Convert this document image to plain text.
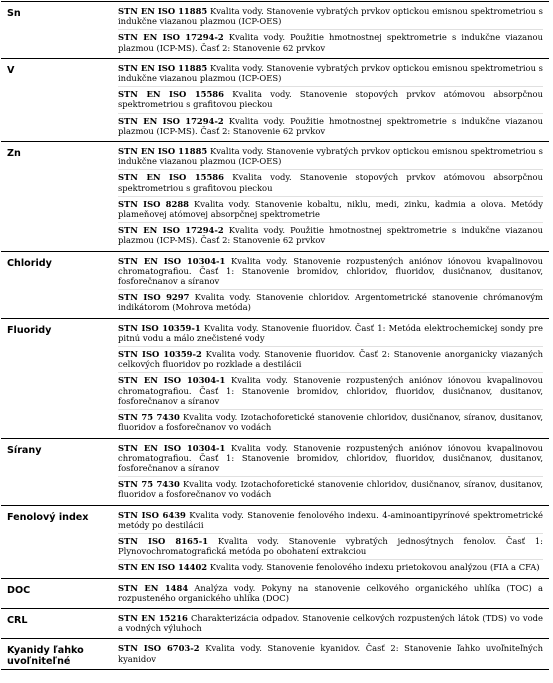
Sn	STN EN ISO 11885 Kvalita vody. Stanovenie vybratých prvkov optickou emisnou spektrometriou s indukčne viazanou plazmou (ICP-OES)
STN EN ISO 17294-2 Kvalita vody. Použitie hmotnostnej spektrometrie s indukčne viazanou plazmou (ICP-MS). Časť 2: Stanovenie 62 prvkov

V	STN EN ISO 11885 Kvalita vody. Stanovenie vybratých prvkov optickou emisnou spektrometriou s indukčne viazanou plazmou (ICP-OES)
STN EN ISO 15586 Kvalita vody. Stanovenie stopových prvkov atómovou absorpčnou spektrometriou s grafitovou pieckou
STN EN ISO 17294-2 Kvalita vody. Použitie hmotnostnej spektrometrie s indukčne viazanou plazmou (ICP-MS). Časť 2: Stanovenie 62 prvkov

Zn	STN EN ISO 11885 Kvalita vody. Stanovenie vybratých prvkov optickou emisnou spektrometriou s indukčne viazanou plazmou (ICP-OES)
STN EN ISO 15586 Kvalita vody. Stanovenie stopových prvkov atómovou absorpčnou spektrometriou s grafitovou pieckou
STN ISO 8288 Kvalita vody. Stanovenie kobaltu, niklu, medi, zinku, kadmia a olova. Metódy plameňovej atómovej absorpčnej spektrometrie
STN EN ISO 17294-2 Kvalita vody. Použitie hmotnostnej spektrometrie s indukčne viazanou plazmou (ICP-MS). Časť 2: Stanovenie 62 prvkov

Chloridy	STN EN ISO 10304-1 Kvalita vody. Stanovenie rozpustených aniónov iónovou kvapalinovou chromatografiou. Časť 1: Stanovenie bromidov, chloridov, fluoridov, dusičnanov, dusitanov, fosforečnanov a síranov
STN ISO 9297 Kvalita vody. Stanovenie chloridov. Argentometrické stanovenie chrómanovým indikátorom (Mohrova metóda)

Fluoridy	STN ISO 10359-1 Kvalita vody. Stanovenie fluoridov. Časť 1: Metóda elektrochemickej sondy pre pitnú vodu a málo znečistené vody
STN ISO 10359-2 Kvalita vody. Stanovenie fluoridov. Časť 2: Stanovenie anorganicky viazaných celkových fluoridov po rozklade a destilácii
STN EN ISO 10304-1 Kvalita vody. Stanovenie rozpustených aniónov iónovou kvapalinovou chromatografiou. Časť 1: Stanovenie bromidov, chloridov, fluoridov, dusičnanov, dusitanov, fosforečnanov a síranov
STN 75 7430 Kvalita vody. Izotachoforetické stanovenie chloridov, dusičnanov, síranov, dusitanov, fluoridov a fosforečnanov vo vodách

Sírany	STN EN ISO 10304-1 Kvalita vody. Stanovenie rozpustených aniónov iónovou kvapalinovou chromatografiou. Časť 1: Stanovenie bromidov, chloridov, fluoridov, dusičnanov, dusitanov, fosforečnanov a síranov
STN 75 7430 Kvalita vody. Izotachoforetické stanovenie chloridov, dusičnanov, síranov, dusitanov, fluoridov a fosforečnanov vo vodách

Fenolový index	STN ISO 6439 Kvalita vody. Stanovenie fenolového indexu. 4-aminoantipyrínové spektrometrické metódy po destilácii
STN ISO 8165-1 Kvalita vody. Stanovenie vybratých jednosýtnych fenolov. Časť 1: Plynovochromatografická metóda po obohatení extrakciou
STN EN ISO 14402 Kvalita vody. Stanovenie fenolového indexu prietokovou analýzou (FIA a CFA)

DOC	STN EN 1484 Analýza vody. Pokyny na stanovenie celkového organického uhlíka (TOC) a rozpusteného organického uhlíka (DOC)

CRL	STN EN 15216 Charakterizácia odpadov. Stanovenie celkových rozpustených látok (TDS) vo vode a vodných výluhoch

Kyanidy ľahko uvoľniteľné	STN ISO 6703-2 Kvalita vody. Stanovenie kyanidov. Časť 2: Stanovenie ľahko uvoľniteľných kyanidov
